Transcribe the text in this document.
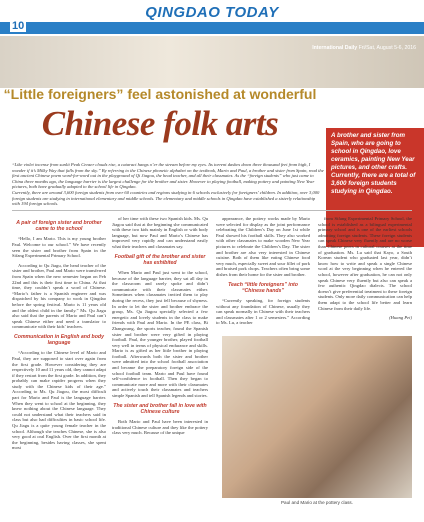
QINGDAO TODAY
International Daily Fri/Sat, August 5-6, 2016
10
“Little foreigners” feel astonished at wonderful
Chinese folk arts	A brother and sister from Spain, who are going to school in Qingdao, love ceramics, painting New Year pictures, and other crafts. Currently, there are a total of 3,600 foreign students studying in Qingdao.
“Like violet incense from sunlit Peak Censer clouds rise, a cataract hangs o’er the stream before my eyes. Its torrent dashes down three thousand feet from high, I wonder if it’s Milky Way that falls from the sky.” By referring to the Chinese phonetic alphabet on the textbook, Mario and Paul, a brother and sister from Spain, read the first ancient Chinese poem word-for-word out in the playground of Qi Jiagou, the head teacher, and all their classmates. As the “foreign students” who just came to China three months ago, the language barrier is the largest challenge for the brother and sister. However to playing football, making pottery and painting New Year pictures, both have gradually adapted to the school life in Qingdao.
Currently, there are around 3,600 foreign students from over 60 countries and regions studying in 6 schools exclusively for foreigners’ children. In addition, over 3,000 foreign students are studying in international elementary and middle schools. The elementary and middle schools in Qingdao have established a sisterly relationship with 194 foreign schools.
A pair of foreign sister and brother came to the school

“Hello, I am Mario. This is my young brother Paul. Welcome to our school.” We have recently seen the sister and brother from Spain in the Sifang Experimental Primary School.

According to Qu Jiagu, the head teacher of the sister and brother, Paul and Mario were transferred from Spain when the new semester began on Feb 22nd and this is their first time to China. At that time, they couldn’t speak a word of Chinese. “Mario’s father is a Spanish engineer and was dispatched by his company to work in Qingdao before the spring festival. Mario is 11 years old and the oldest child in the family.” Ms. Qu Jiagu also said that the parents of Mario and Paul can’t speak Chinese either and need a translator to communicate with their kids’ teachers.

Communication in English and body language

“According to the Chinese level of Mario and Paul, they are supposed to start over again from the first grade. However considering they are respectively 10 and 11 years old, they cannot adapt if they restart from the first grade. In addition, they probably can make rapider progress when they study with the Chinese kids of their age.” According to Ms. Qu Jiagou, the most difficult part for Mario and Paul is the language barrier. When they went to school at the beginning, they knew nothing about the Chinese language. They could not understand what their teachers said in class but also had difficulties in basic school life. Qu Jiagu is a quite young female teacher in the school. Although she teaches Chinese, she is also very good at oral English. Over the first month at the beginning, besides having classes, she spent most

of her time with these two Spanish kids. Ms. Qu Jiagou said that at the beginning she communicated with these two kids mainly in English or with body language, but now Paul and Mario’s Chinese has improved very rapidly and can understand easily what their teachers and classmates say.

Football gift of the brother and sister has exhibited

When Mario and Paul just went to the school, because of the language barrier, they sat all day in the classroom and rarely spoke and didn’t communicate with their classmates either. Sometimes when classmates invited them to play during the recess, they just fell because of shyness. In order to let the sister and brother embrace the group, Ms. Qu Jiagou specially selected a few energetic and lovely students in the class to make friends with Paul and Mario. In the PE class, Bi Zhangwang, the sports teacher, found the Spanish sister and brother were very gifted in playing football. Paul, the younger brother, played football very well in terms of physical endurance and skills. Mario is as gifted as her little brother in playing football. Afterwards both the sister and brother were admitted into the school football association and became the preparatory foreign side of the school football team. Mario and Paul have found self-confidence in football. Then they began to communicate more and more with their classmates and actively touch their classmates and teachers simple Spanish and tell Spanish legends and stories.

The sister and brother fall in love with Chinese culture

Both Mario and Paul have been interested in traditional Chinese culture and they like the pottery class very much. Because of the unique

appearance, the pottery works made by Mario were selected for display as the joint performance celebrating the Children’s Day on June 1st while Paul showed his football skills. They also worked with other classmates to make wooden New Year pictures to celebrate the Children’s Day. The sister and brother are also very interested in Chinese cuisine. Both of them like eating Chinese food very much, especially sweet and sour fillet of pork and braised pork chops. Teachers often bring some dishes from their home for the sister and brother.

Teach “little foreigners” into “Chinese hands”

“Currently speaking, for foreign students without any foundation of Chinese, usually they can speak normally in Chinese with their teachers and classmates after 1 or 2 semesters.” According to Ms. Lu, a teacher

from Sifang Experimental Primary School, the school is established as a bilingual experimental primary school and is one of the earliest schools admitting foreign students. These foreign students can speak Chinese very fluently and are no worse than Chinese peers in cultural courses at the time of graduation. Ms. Lu said that Kayo, a South Korean student who graduated last year, didn’t know how to write and speak a single Chinese word at the very beginning when he entered the school, however after graduation, he can not only speak Chinese very fluently but also can speak a few authentic Qingdao dialects. The school doesn’t give preferential treatment to these foreign students. Only more daily communication can help them adapt to the school life better and learn Chinese from their daily life.

(Huang Pei)
Paul and Mario at the pottery class.
